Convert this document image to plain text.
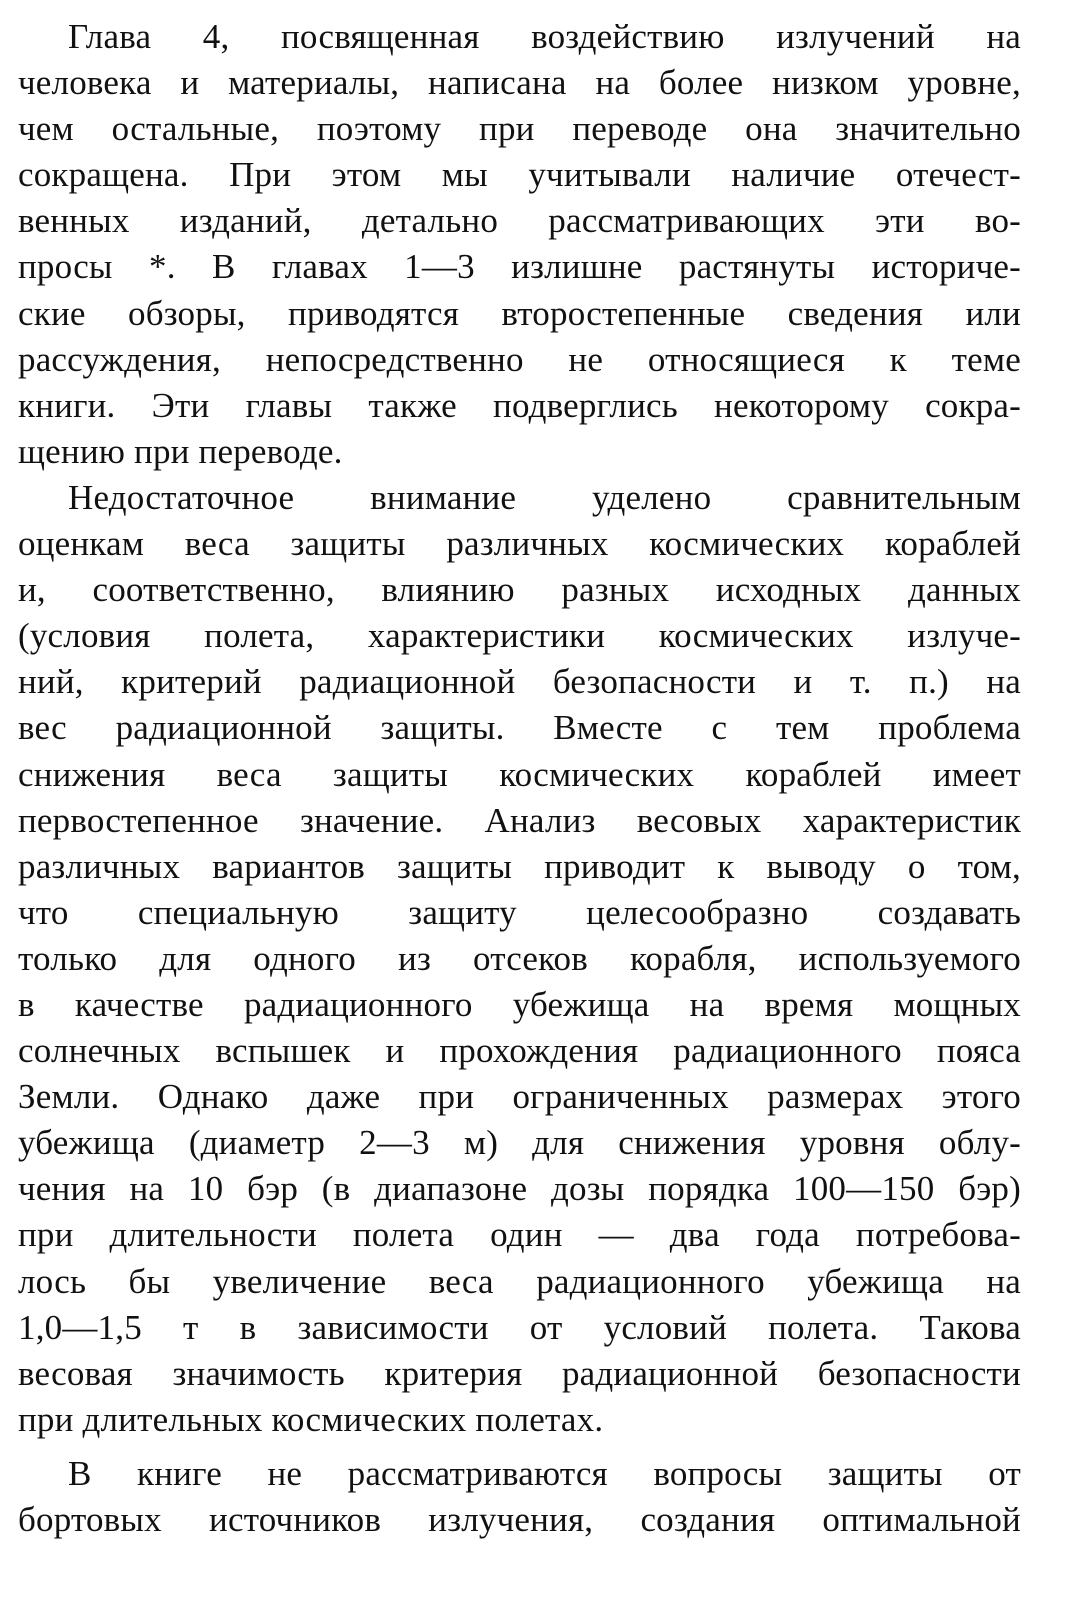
Глава 4, посвященная воздействию излучений на
человека и материалы, написана на более низком уровне,
чем остальные, поэтому при переводе она значительно
сокращена. При этом мы учитывали наличие отечест-
венных изданий, детально рассматривающих эти во-
просы *. В главах 1—3 излишне растянуты историче-
ские обзоры, приводятся второстепенные сведения или
рассуждения, непосредственно не относящиеся к теме
книги. Эти главы также подверглись некоторому сокра-
щению при переводе.
Недостаточное внимание уделено сравнительным
оценкам веса защиты различных космических кораблей
и, соответственно, влиянию разных исходных данных
(условия полета, характеристики космических излуче-
ний, критерий радиационной безопасности и т. п.) на
вес радиационной защиты. Вместе с тем проблема
снижения веса защиты космических кораблей имеет
первостепенное значение. Анализ весовых характеристик
различных вариантов защиты приводит к выводу о том,
что специальную защиту целесообразно создавать
только для одного из отсеков корабля, используемого
в качестве радиационного убежища на время мощных
солнечных вспышек и прохождения радиационного пояса
Земли. Однако даже при ограниченных размерах этого
убежища (диаметр 2—3 м) для снижения уровня облу-
чения на 10 бэр (в диапазоне дозы порядка 100—150 бэр)
при длительности полета один — два года потребова-
лось бы увеличение веса радиационного убежища на
1,0—1,5 т в зависимости от условий полета. Такова
весовая значимость критерия радиационной безопасности
при длительных космических полетах.
В книге не рассматриваются вопросы защиты от
бортовых источников излучения, создания оптимальной
